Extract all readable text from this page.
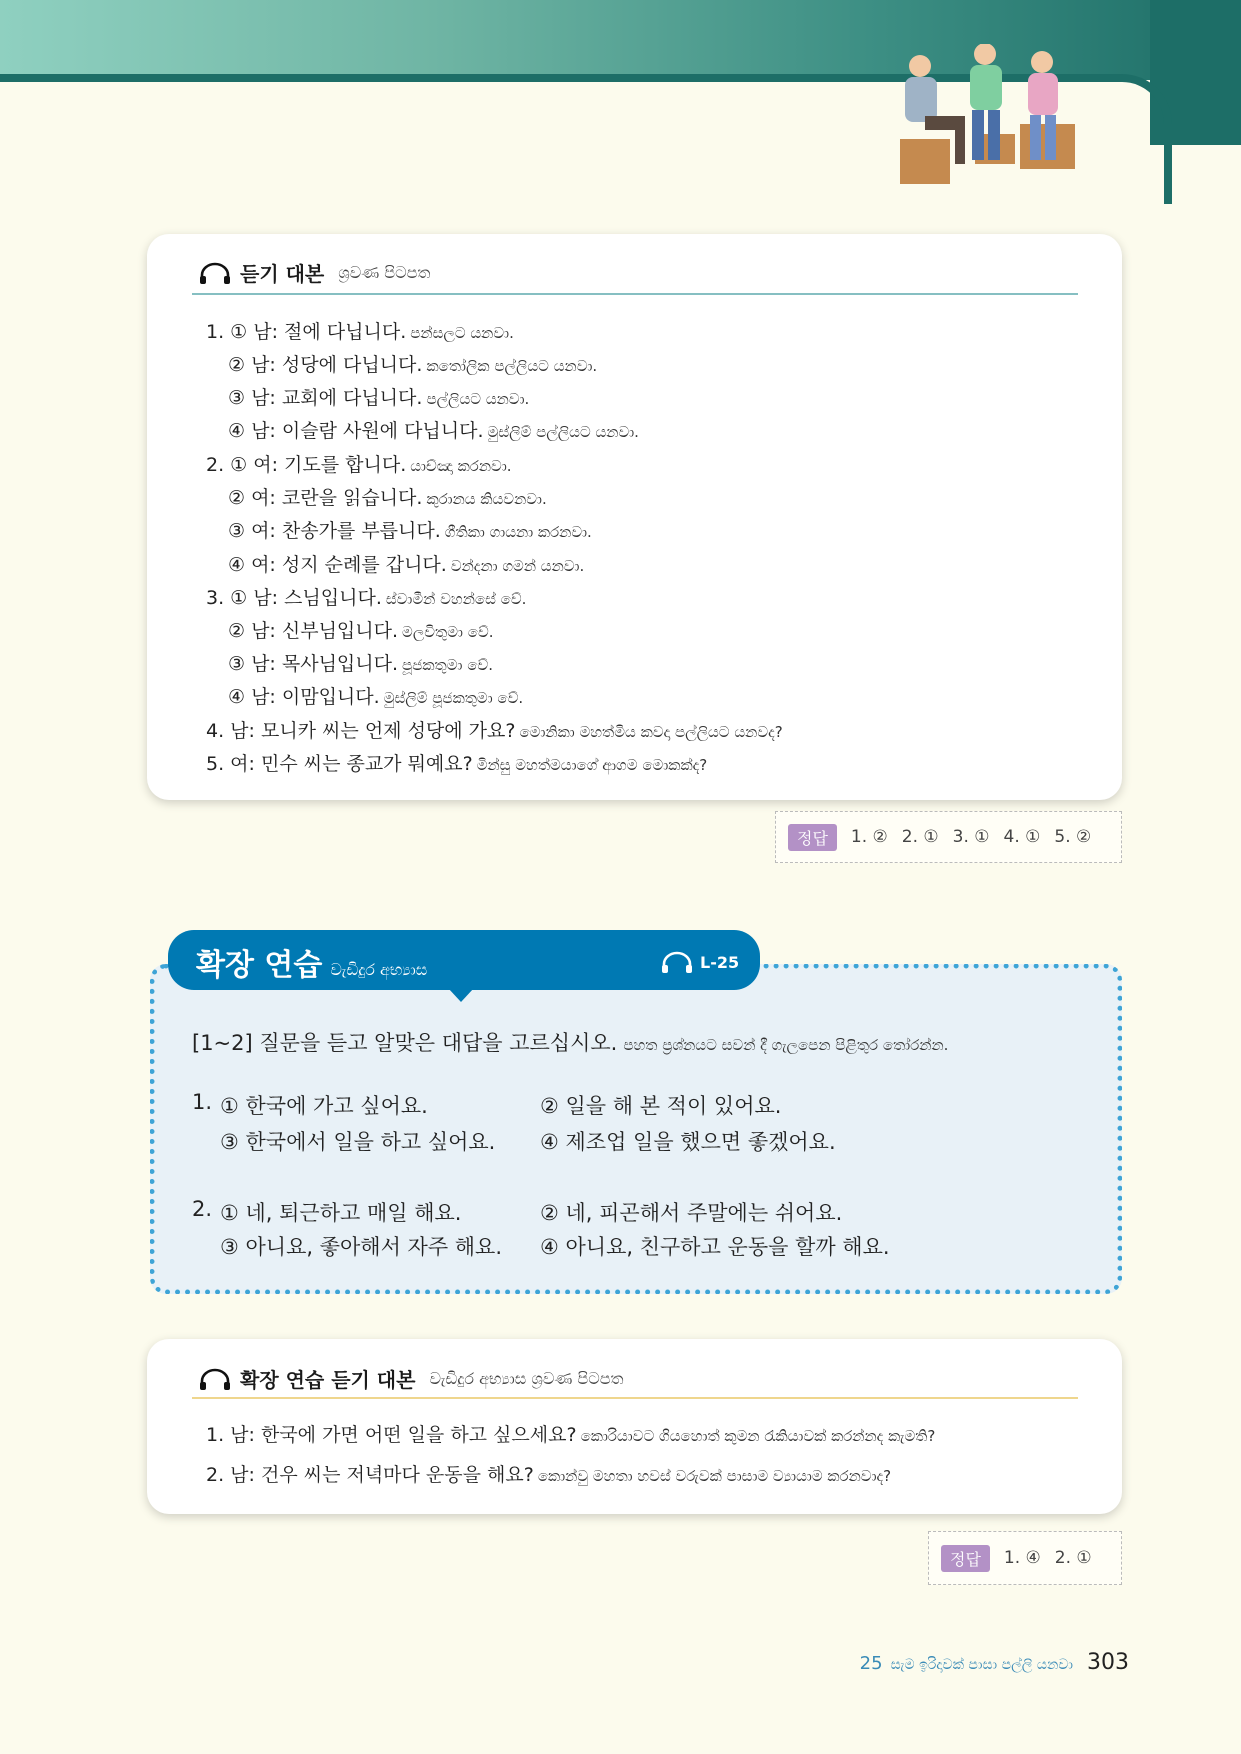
듣기 대본 ශ්‍රවණ පිටපත
1. ① 남: 절에 다닙니다. පන්සලට යනවා.
② 남: 성당에 다닙니다. කතෝලික පල්ලියට යනවා.
③ 남: 교회에 다닙니다. පල්ලියට යනවා.
④ 남: 이슬람 사원에 다닙니다. මුස්ලිම් පල්ලියට යනවා.
2. ① 여: 기도를 합니다. යාච්ඤා කරනවා.
② 여: 코란을 읽습니다. කුරානය කියවනවා.
③ 여: 찬송가를 부릅니다. ගීතිකා ගායනා කරනවා.
④ 여: 성지 순례를 갑니다. වන්දනා ගමන් යනවා.
3. ① 남: 스님입니다. ස්වාමීන් වහන්සේ වේ.
② 남: 신부님입니다. මලවිතුමා වේ.
③ 남: 목사님입니다. පූජකතුමා වේ.
④ 남: 이맘입니다. මුස්ලිම් පූජකතුමා වේ.
4. 남: 모니카 씨는 언제 성당에 가요? මොනිකා මහත්මිය කවදා පල්ලියට යනවද?
5. 여: 민수 씨는 종교가 뭐예요? මින්සු මහත්මයාගේ ආගම මොකක්ද?
정답	1. ② 2. ① 3. ① 4. ① 5. ②
확장 연습 වැඩිදුර අභ්‍යාස	L-25
[1~2] 질문을 듣고 알맞은 대답을 고르십시오. පහත ප්‍රශ්නයට සවන් දී ගැලපෙන පිළිතුර තෝරන්න.
1. ① 한국에 가고 싶어요.	② 일을 해 본 적이 있어요.
③ 한국에서 일을 하고 싶어요. ④ 제조업 일을 했으면 좋겠어요.
2. ① 네, 퇴근하고 매일 해요.	② 네, 피곤해서 주말에는 쉬어요.
③ 아니요, 좋아해서 자주 해요. ④ 아니요, 친구하고 운동을 할까 해요.
확장 연습 듣기 대본 වැඩිදුර අභ්‍යාස ශ්‍රවණ පිටපත
1. 남: 한국에 가면 어떤 일을 하고 싶으세요? කොරියාවට ගියහොත් කුමන රැකියාවක් කරන්නද කැමති?
2. 남: 건우 씨는 저녁마다 운동을 해요? කොන්වු මහතා හවස් වරුවක් පාසාම ව්‍යායාම කරනවාද?
정답	1. ④ 2. ①
25 සැම ඉරිදාවක් පාසා පල්ලි යනවා 303
